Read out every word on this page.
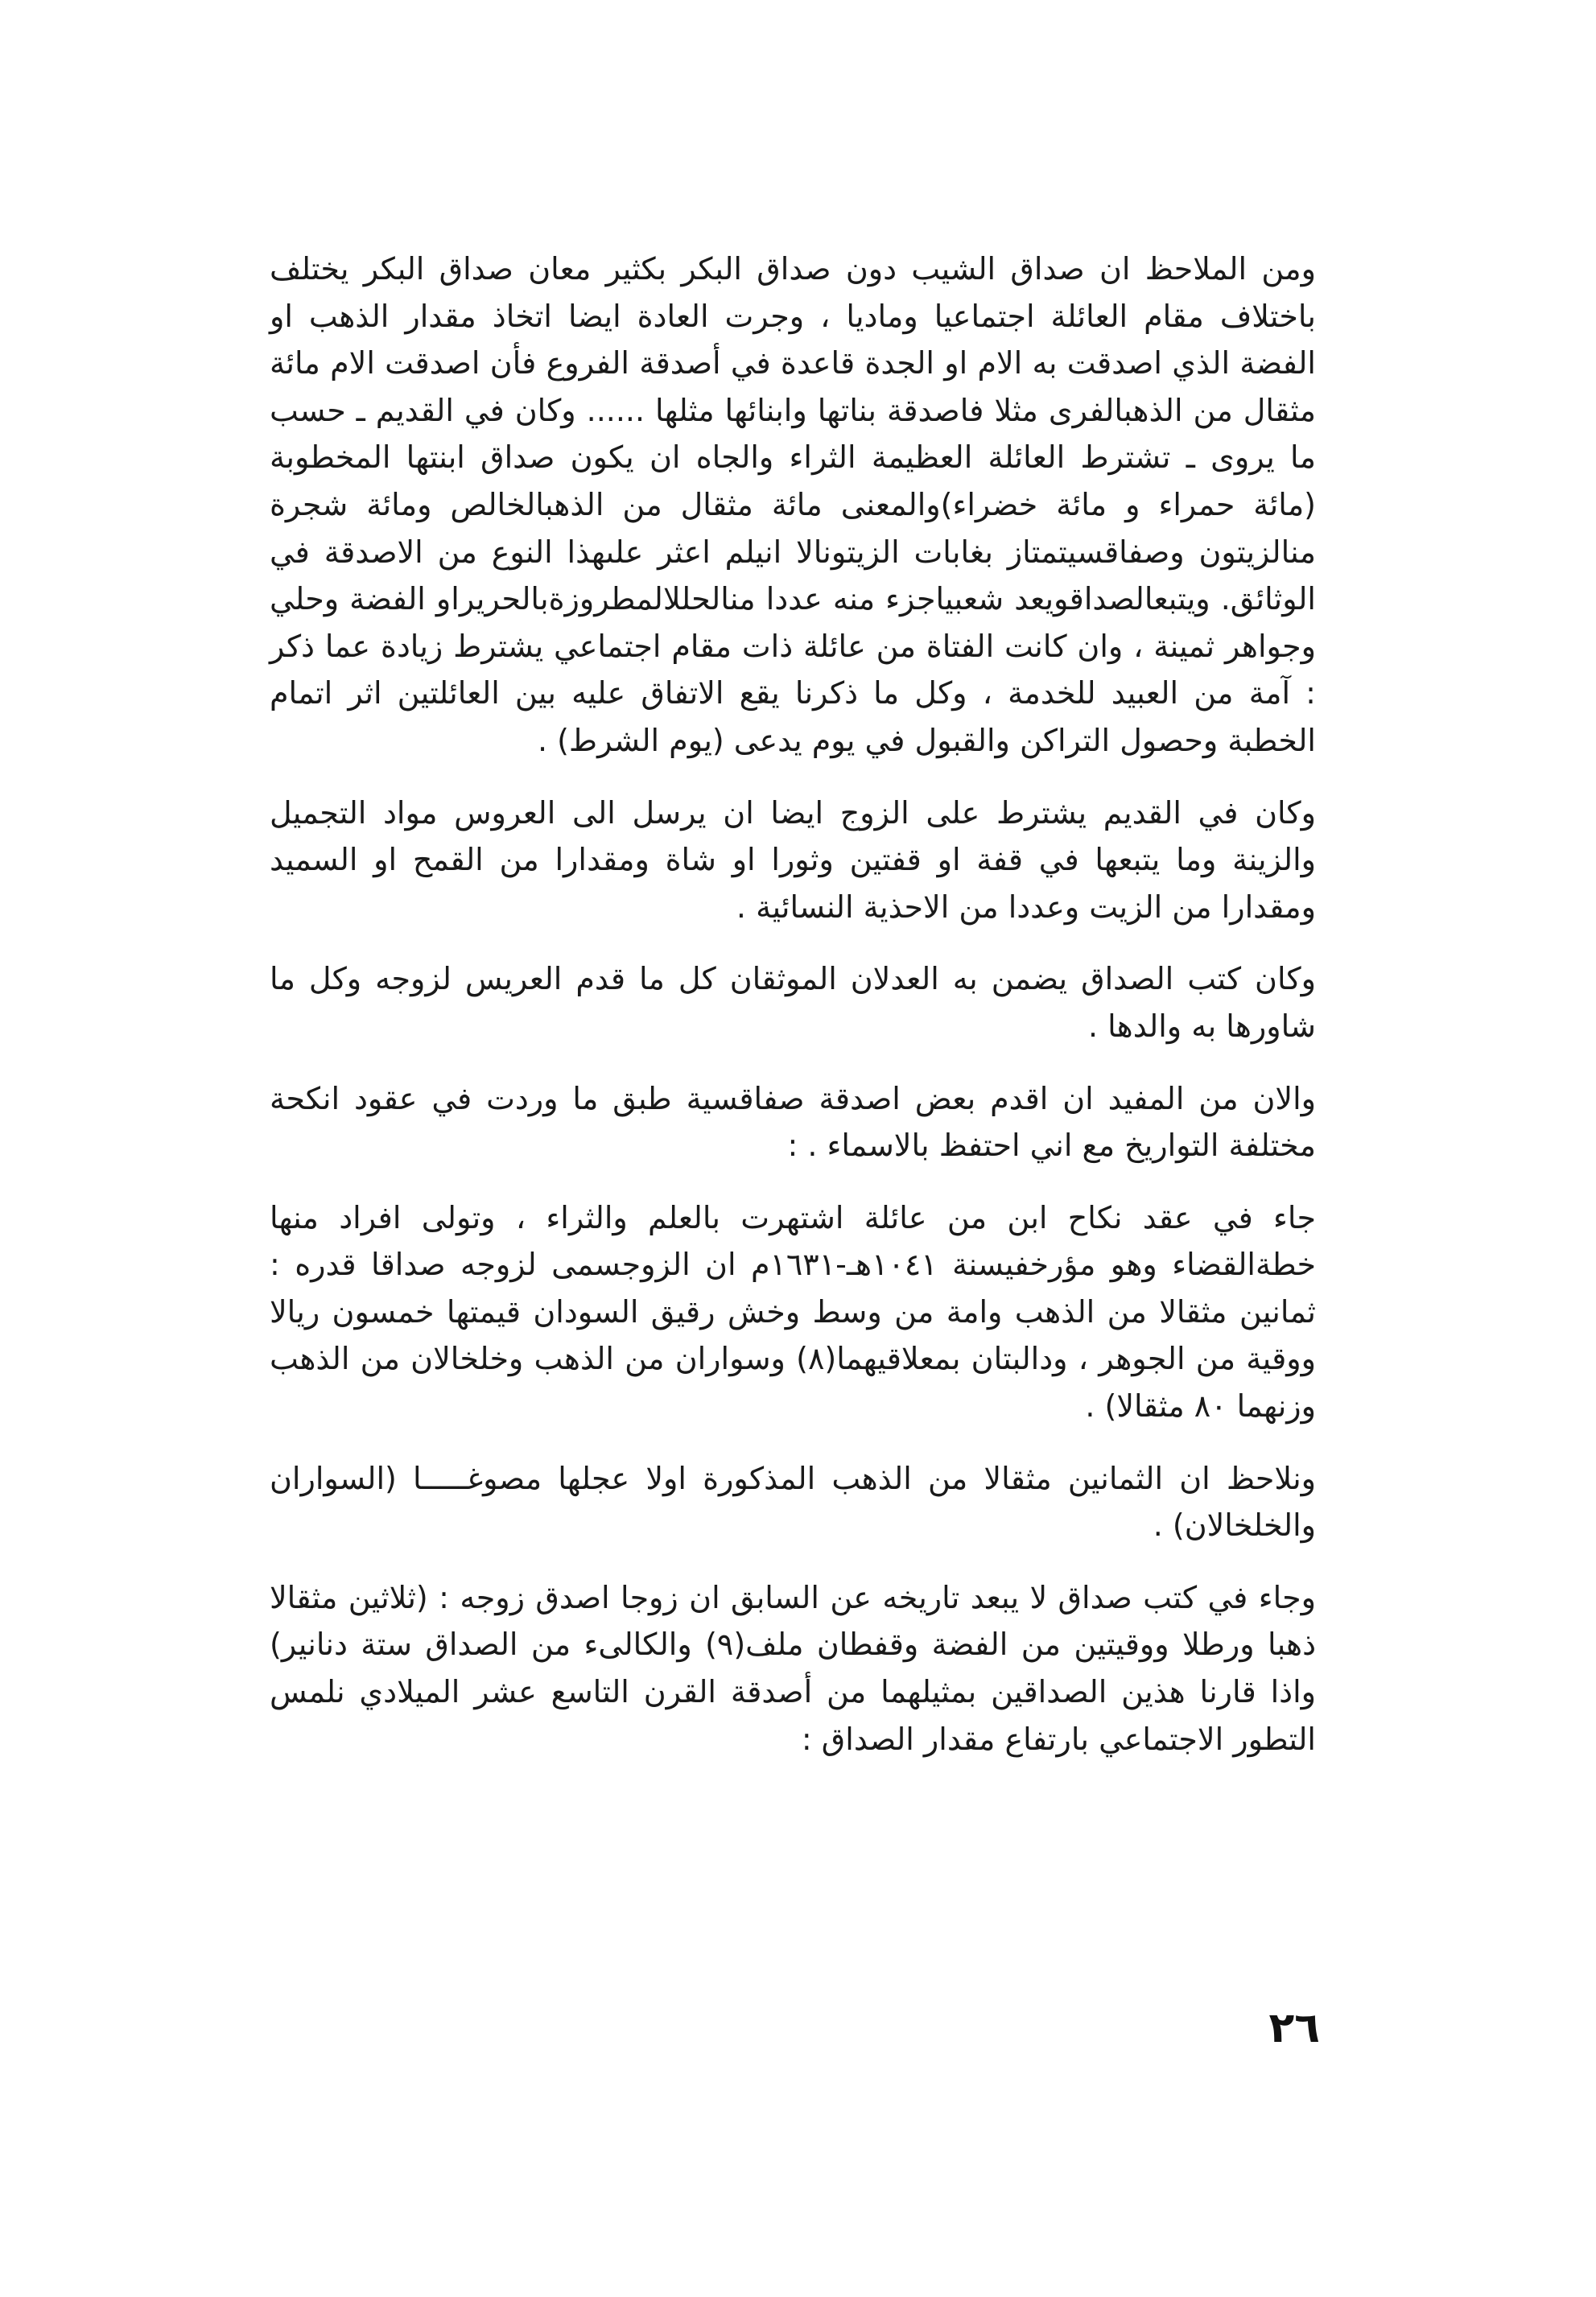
ومن الملاحظ ان صداق الشيب دون صداق البكر بكثير معان صداق البكر يختلف باختلاف مقام العائلة اجتماعيا وماديا ، وجرت العادة ايضا اتخاذ مقدار الذهب او الفضة الذي اصدقت به الام او الجدة قاعدة في أصدقة الفروع فأن اصدقت الام مائة مثقال من الذهبالفرى مثلا فاصدقة بناتها وابنائها مثلها ...... وكان في القديم ـ حسب ما يروى ـ تشترط العائلة العظيمة الثراء والجاه ان يكون صداق ابنتها المخطوبة (مائة حمراء و مائة خضراء)والمعنى مائة مثقال من الذهبالخالص ومائة شجرة منالزيتون وصفاقسيتمتاز بغابات الزيتونالا انيلم اعثر علىهذا النوع من الاصدقة في الوثائق. ويتبعالصداقويعد شعبياجزء منه عددا منالحللالمطروزةبالحريراو الفضة وحلي وجواهر ثمينة ، وان كانت الفتاة من عائلة ذات مقام اجتماعي يشترط زيادة عما ذكر : آمة من العبيد للخدمة ، وكل ما ذكرنا يقع الاتفاق عليه بين العائلتين اثر اتمام الخطبة وحصول التراكن والقبول في يوم يدعى (يوم الشرط) .

وكان في القديم يشترط على الزوج ايضا ان يرسل الى العروس مواد التجميل والزينة وما يتبعها في قفة او قفتين وثورا او شاة ومقدارا من القمح او السميد ومقدارا من الزيت وعددا من الاحذية النسائية .

وكان كتب الصداق يضمن به العدلان الموثقان كل ما قدم العريس لزوجه وكل ما شاورها به والدها .

والان من المفيد ان اقدم بعض اصدقة صفاقسية طبق ما وردت في عقود انكحة مختلفة التواريخ مع اني احتفظ بالاسماء . :

جاء في عقد نكاح ابن من عائلة اشتهرت بالعلم والثراء ، وتولى افراد منها خطةالقضاء وهو مؤرخفيسنة ١٠٤١هـ-١٦٣١م ان الزوجسمى لزوجه صداقا قدره : ثمانين مثقالا من الذهب وامة من وسط وخش رقيق السودان قيمتها خمسون ريالا ووقية من الجوهر ، ودالبتان بمعلاقيهما(٨) وسواران من الذهب وخلخالان من الذهب وزنهما ٨٠ مثقالا) .

ونلاحظ ان الثمانين مثقالا من الذهب المذكورة اولا عجلها مصوغـــــا (السواران والخلخالان) .

وجاء في كتب صداق لا يبعد تاريخه عن السابق ان زوجا اصدق زوجه : (ثلاثين مثقالا ذهبا ورطلا ووقيتين من الفضة وقفطان ملف(٩) والكالىء من الصداق ستة دنانير) واذا قارنا هذين الصداقين بمثيلهما من أصدقة القرن التاسع عشر الميلادي نلمس التطور الاجتماعي بارتفاع مقدار الصداق :

٢٦
